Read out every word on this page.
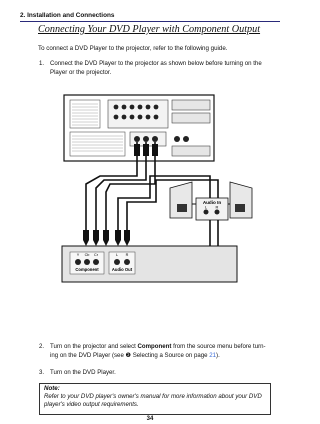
2. Installation and Connections
Connecting Your DVD Player with Component Output
To connect a DVD Player to the projector, refer to the following guide.
1. Connect the DVD Player to the projector as shown below before turning on the
Player or the projector.
Audio In
L R
Y Cb Cr	L R
Component	Audio Out
2. Turn on the projector and select Component from the source menu before turn-
ing on the DVD Player (see ❷ Selecting a Source on page 21).
3. Turn on the DVD Player.
Note:
Refer to your DVD player's owner's manual for more information about your DVD
player's video output requirements.
34
